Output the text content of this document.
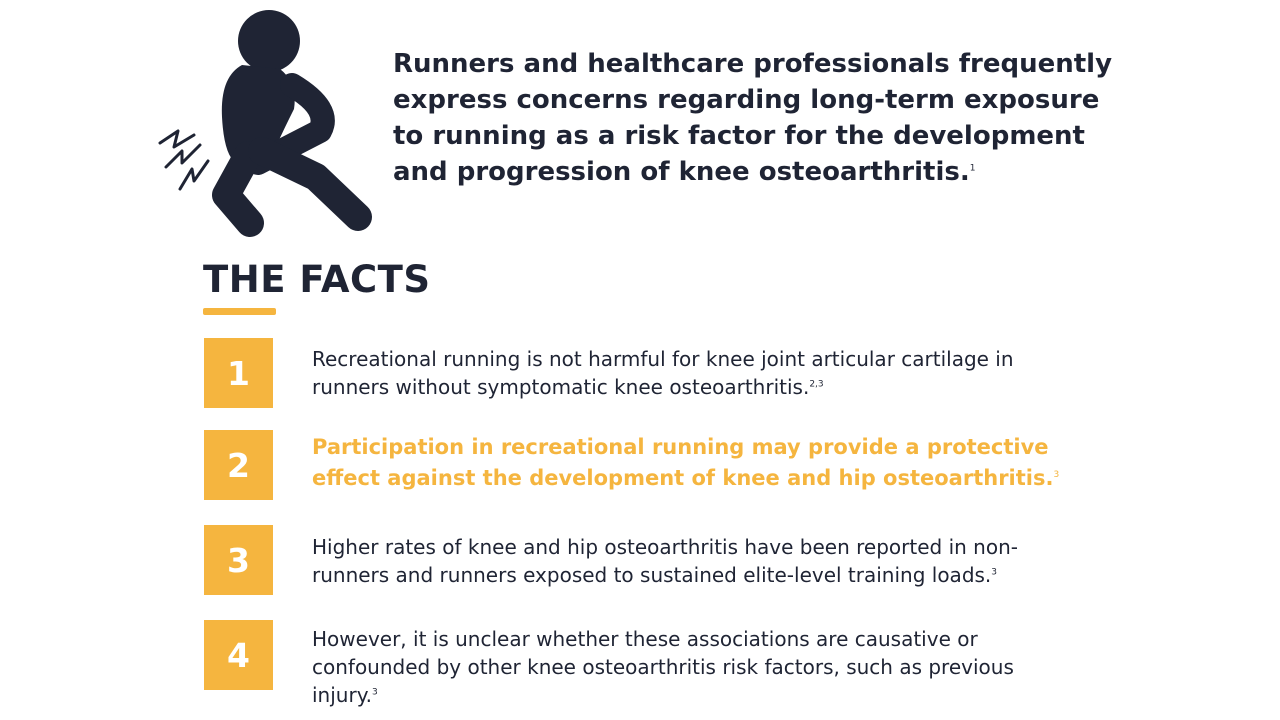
Runners and healthcare professionals frequently express concerns regarding long-term exposure to running as a risk factor for the development and progression of knee osteoarthritis.$^1$

THE FACTS
1	Recreational running is not harmful for knee joint articular cartilage in runners without symptomatic knee osteoarthritis.$^{2,3}$

2	Participation in recreational running may provide a protective effect against the development of knee and hip osteoarthritis.$^3$

3	Higher rates of knee and hip osteoarthritis have been reported in non-runners and runners exposed to sustained elite-level training loads.$^3$

4	However, it is unclear whether these associations are causative or confounded by other knee osteoarthritis risk factors, such as previous injury.$^3$
